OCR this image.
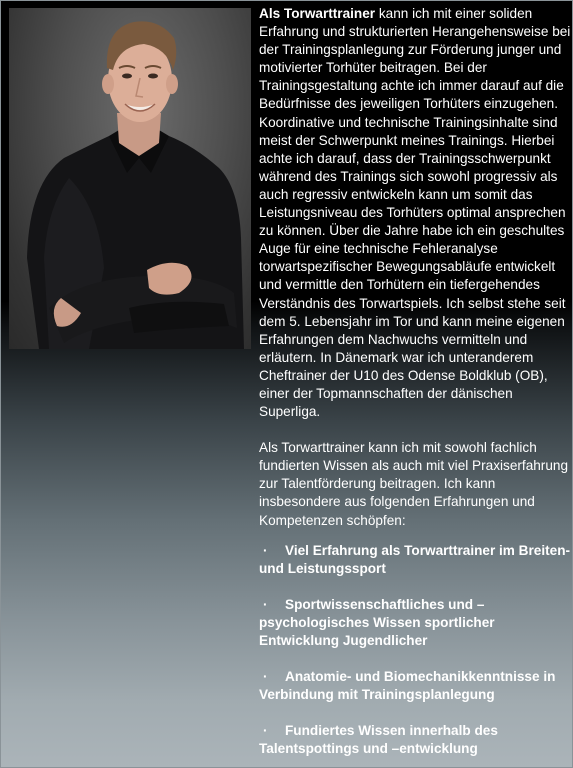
Als Torwarttrainer kann ich mit einer soliden Erfahrung und strukturierten Herangehensweise bei der Trainingsplanlegung zur Förderung junger und motivierter Torhüter beitragen. Bei der Trainingsgestaltung achte ich immer darauf auf die Bedürfnisse des jeweiligen Torhüters einzugehen. Koordinative und technische Trainingsinhalte sind meist der Schwerpunkt meines Trainings. Hierbei achte ich darauf, dass der Trainingsschwerpunkt während des Trainings sich sowohl progressiv als auch regressiv entwickeln kann um somit das Leistungsniveau des Torhüters optimal ansprechen zu können. Über die Jahre habe ich ein geschultes Auge für eine technische Fehleranalyse torwartspezifischer Bewegungsabläufe entwickelt und vermittle den Torhütern ein tiefergehendes Verständnis des Torwartspiels. Ich selbst stehe seit dem 5. Lebensjahr im Tor und kann meine eigenen Erfahrungen dem Nachwuchs vermitteln und erläutern. In Dänemark war ich unteranderem Cheftrainer der U10 des Odense Boldklub (OB), einer der Topmannschaften der dänischen Superliga.

Als Torwarttrainer kann ich mit sowohl fachlich fundierten Wissen als auch mit viel Praxiserfahrung zur Talentförderung beitragen. Ich kann insbesondere aus folgenden Erfahrungen und Kompetenzen schöpfen:

· Viel Erfahrung als Torwarttrainer im Breiten-und Leistungssport
· Sportwissenschaftliches und –psychologisches Wissen sportlicher Entwicklung Jugendlicher
· Anatomie- und Biomechanikkenntnisse in Verbindung mit Trainingsplanlegung
· Fundiertes Wissen innerhalb des Talentspottings und –entwicklung
